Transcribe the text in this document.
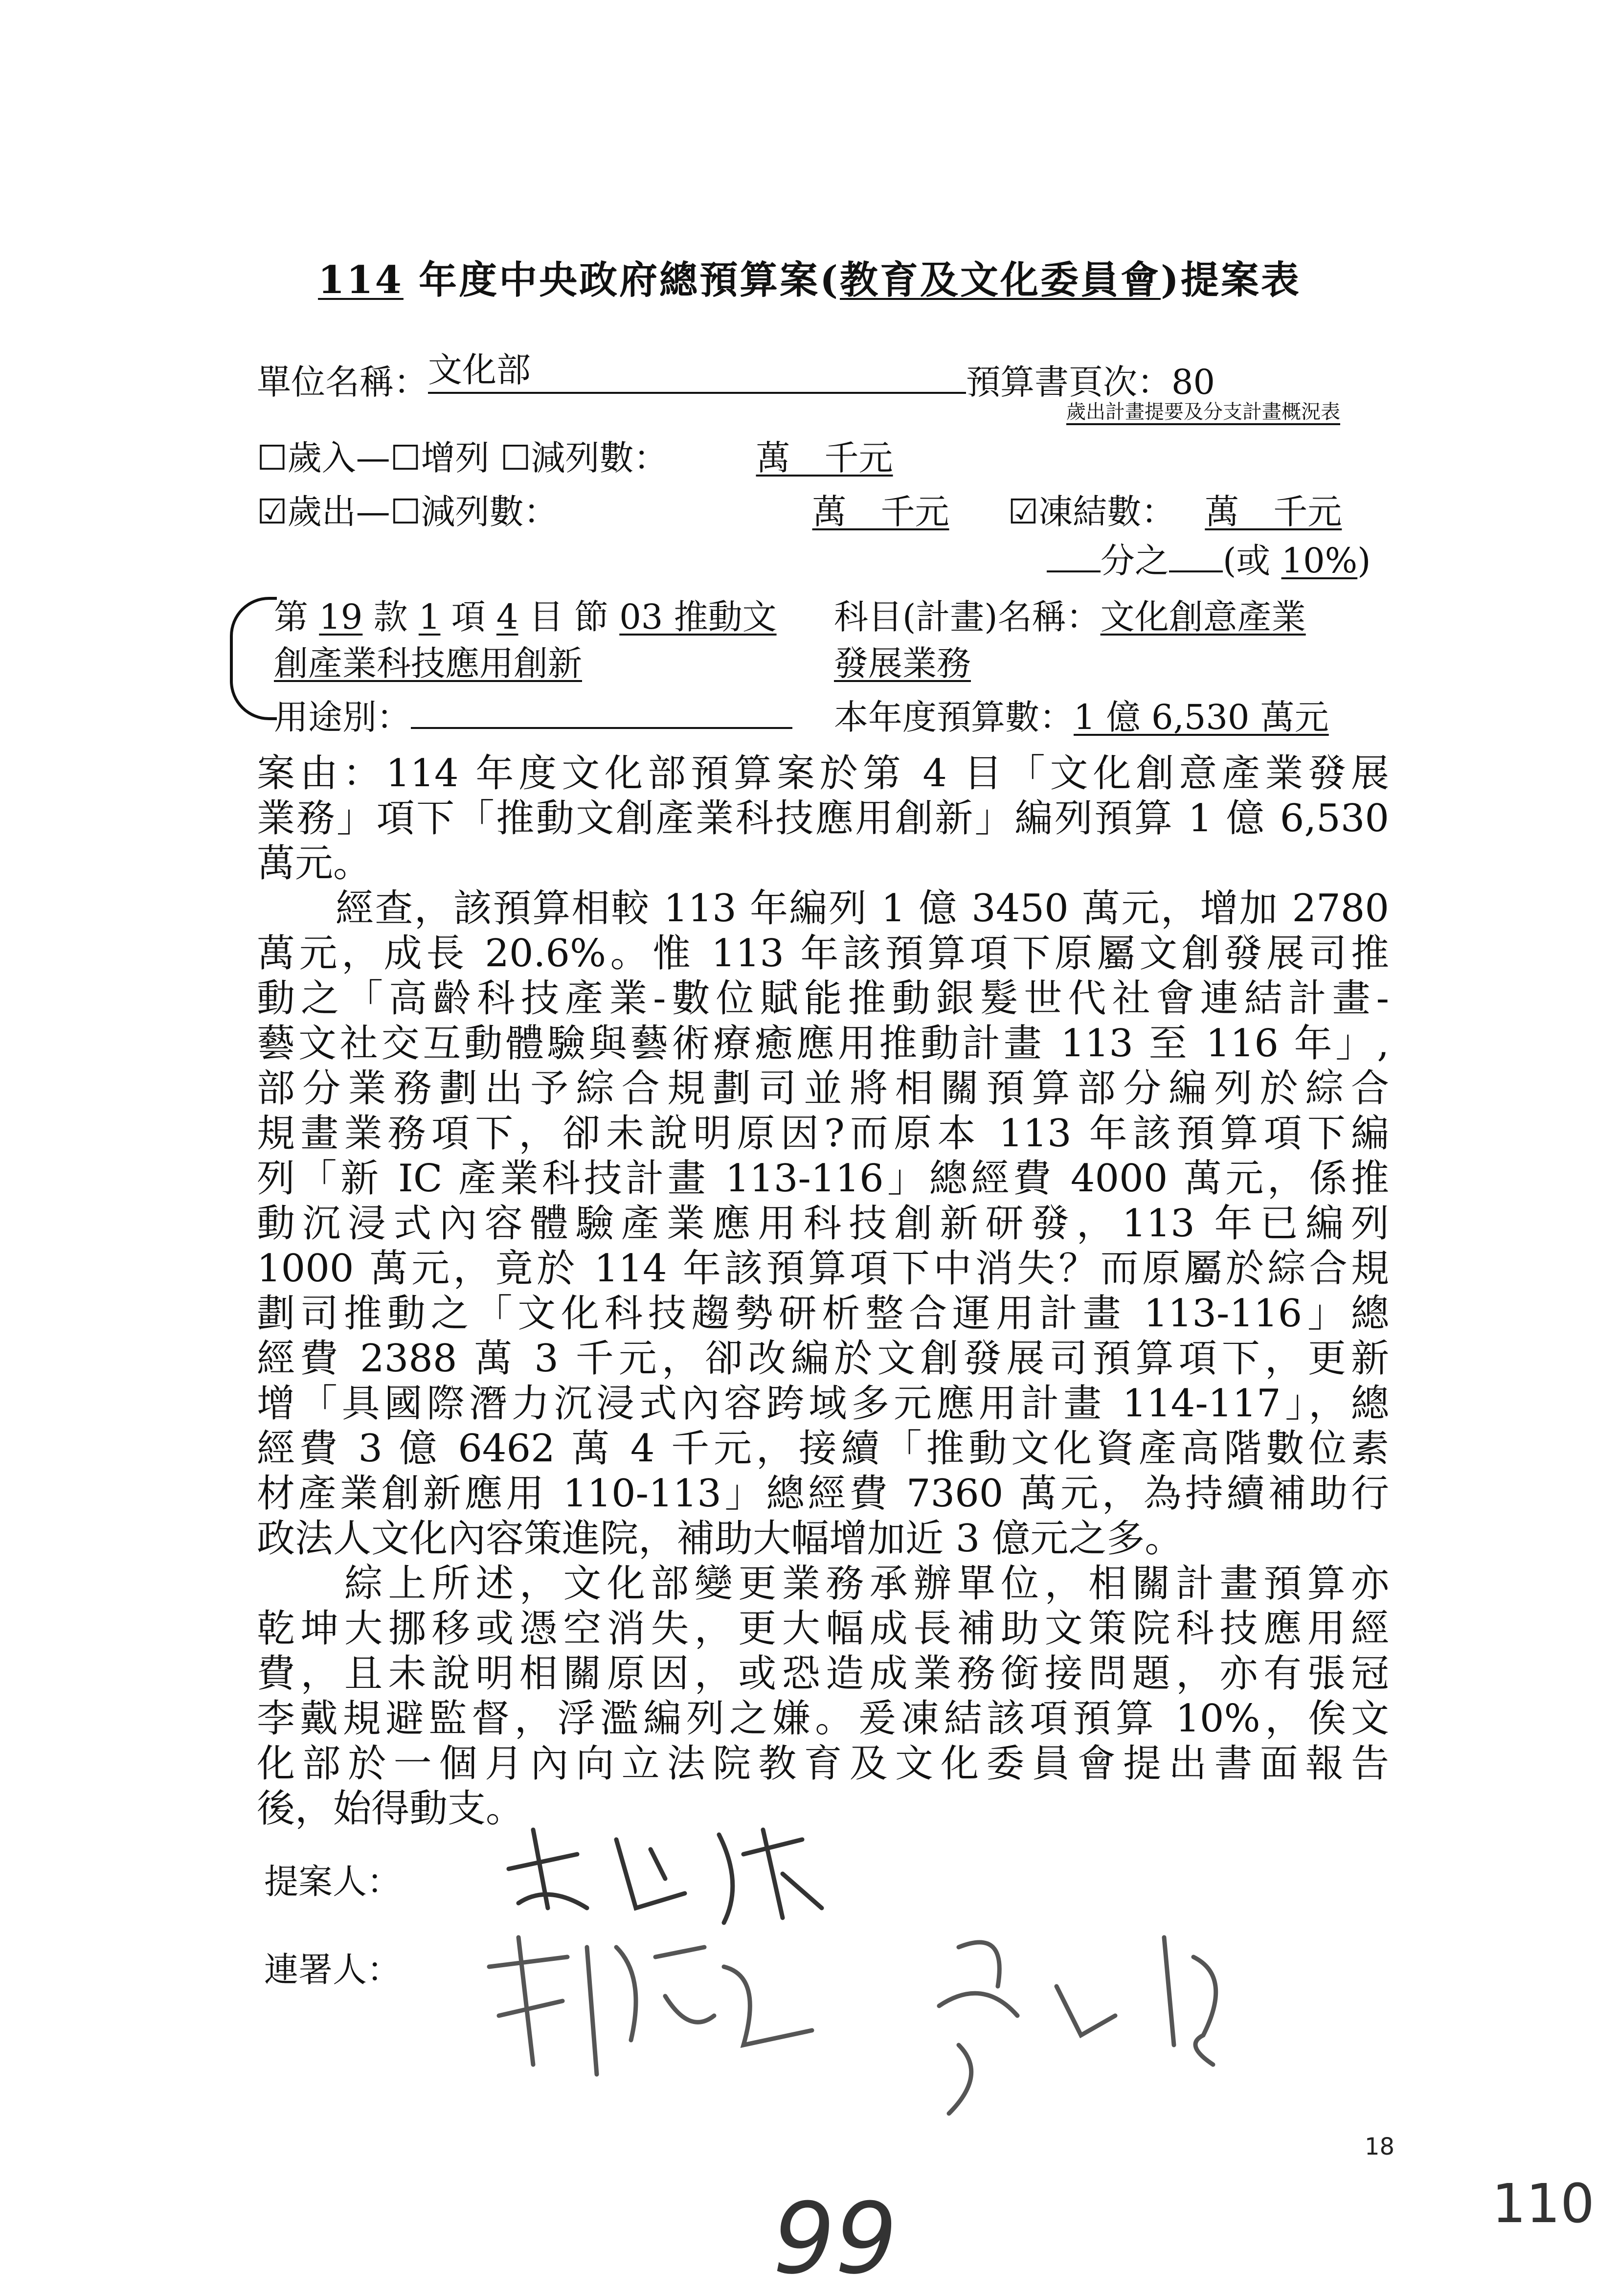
114 年度中央政府總預算案(教育及文化委員會)提案表
單位名稱： 文化部	預算書頁次：80
歲出計畫提要及分支計畫概況表
☐歲入—☐增列 ☐減列數：	萬　千元
☑歲出—☐減列數：	萬　千元 ☑凍結數： 萬　千元
分之 (或 10%)
第 19 款 1 項 4 目 節 03 推動文
創產業科技應用創新
科目(計畫)名稱：文化創意產業
發展業務
用途別：	本年度預算數：1 億 6,530 萬元
案由：114 年度文化部預算案於第 4 目「文化創意產業發展
業務」項下「推動文創產業科技應用創新」編列預算 1 億 6,530
萬元。
　　經查，該預算相較 113 年編列 1 億 3450 萬元，增加 2780
萬元，成長 20.6%。惟 113 年該預算項下原屬文創發展司推
動之「高齡科技產業-數位賦能推動銀髮世代社會連結計畫-
藝文社交互動體驗與藝術療癒應用推動計畫 113 至 116 年」,
部分業務劃出予綜合規劃司並將相關預算部分編列於綜合
規畫業務項下，卻未說明原因?而原本 113 年該預算項下編
列「新 IC 產業科技計畫 113-116」總經費 4000 萬元，係推
動沉浸式內容體驗產業應用科技創新研發，113 年已編列
1000 萬元，竟於 114 年該預算項下中消失？而原屬於綜合規
劃司推動之「文化科技趨勢研析整合運用計畫 113-116」總
經費 2388 萬 3 千元，卻改編於文創發展司預算項下，更新
增「具國際潛力沉浸式內容跨域多元應用計畫 114-117」，總
經費 3 億 6462 萬 4 千元，接續「推動文化資產高階數位素
材產業創新應用 110-113」總經費 7360 萬元，為持續補助行
政法人文化內容策進院，補助大幅增加近 3 億元之多。
　　綜上所述，文化部變更業務承辦單位，相關計畫預算亦
乾坤大挪移或憑空消失，更大幅成長補助文策院科技應用經
費，且未說明相關原因，或恐造成業務銜接問題，亦有張冠
李戴規避監督，浮濫編列之嫌。爰凍結該項預算 10%，俟文
化部於一個月內向立法院教育及文化委員會提出書面報告
後，始得動支。
提案人：
連署人：
18
99	110
